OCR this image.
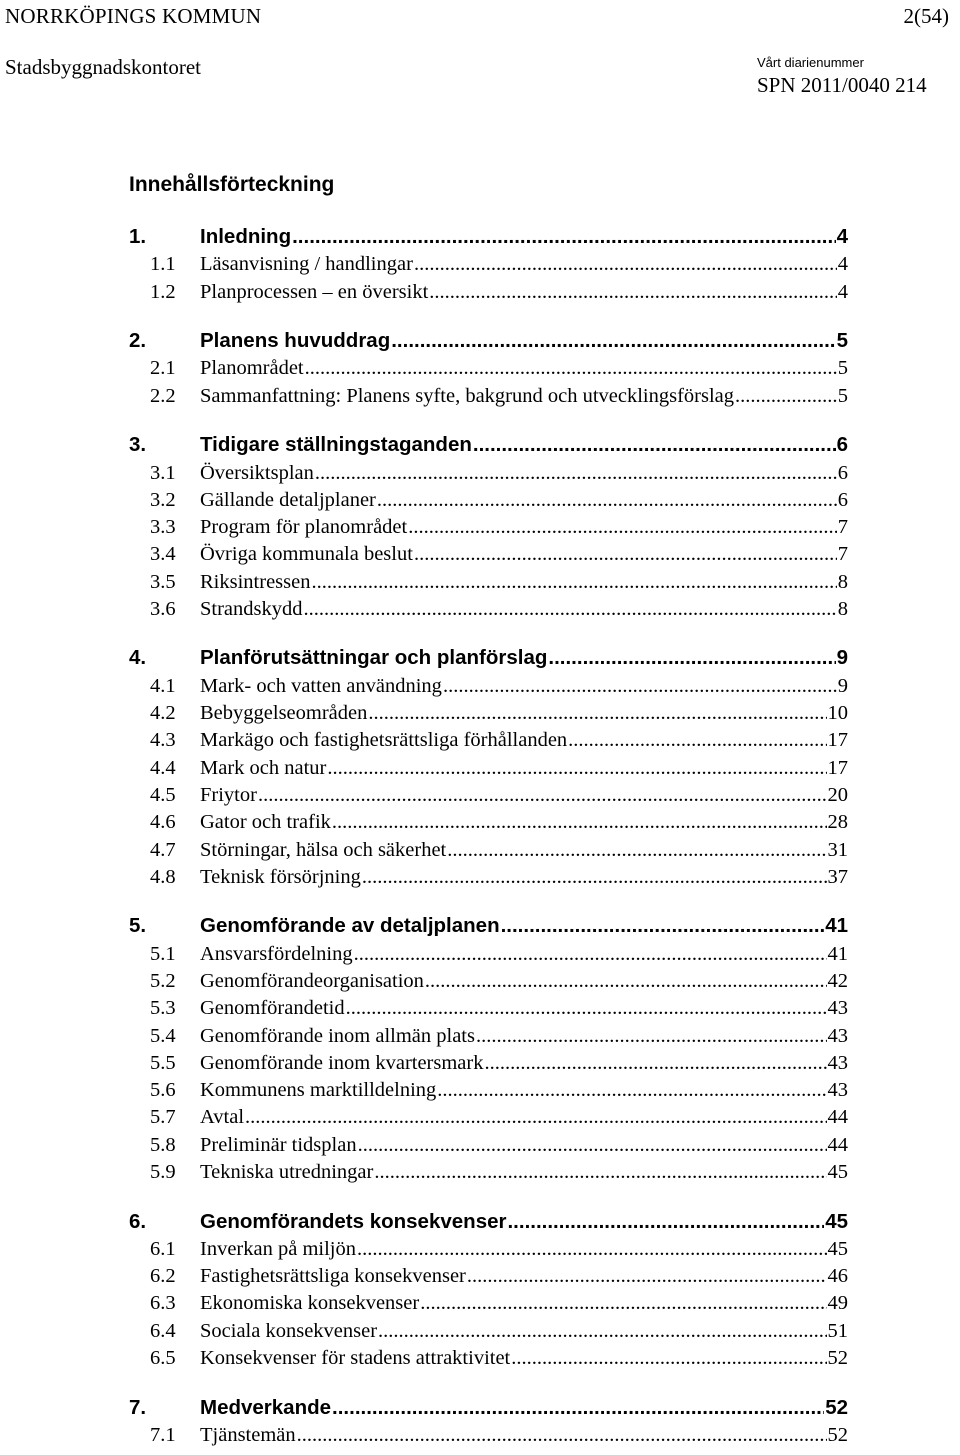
NORRKÖPINGS KOMMUN	2(54)
Stadsbyggnadskontoret	Vårt diarienummer
SPN 2011/0040 214
Innehållsförteckning
1.	Inledning .....	4
1.1	Läsanvisning / handlingar .....	4
1.2	Planprocessen – en översikt .....	4
2.	Planens huvuddrag .....	5
2.1	Planområdet .....	5
2.2	Sammanfattning: Planens syfte, bakgrund och utvecklingsförslag .....	5
3.	Tidigare ställningstaganden .....	6
3.1	Översiktsplan .....	6
3.2	Gällande detaljplaner .....	6
3.3	Program för planområdet .....	7
3.4	Övriga kommunala beslut .....	7
3.5	Riksintressen .....	8
3.6	Strandskydd .....	8
4.	Planförutsättningar och planförslag .....	9
4.1	Mark- och vatten användning .....	9
4.2	Bebyggelseområden .....	10
4.3	Markägo och fastighetsrättsliga förhållanden .....	17
4.4	Mark och natur .....	17
4.5	Friytor .....	20
4.6	Gator och trafik .....	28
4.7	Störningar, hälsa och säkerhet .....	31
4.8	Teknisk försörjning .....	37
5.	Genomförande av detaljplanen .....	41
5.1	Ansvarsfördelning .....	41
5.2	Genomförandeorganisation .....	42
5.3	Genomförandetid .....	43
5.4	Genomförande inom allmän plats .....	43
5.5	Genomförande inom kvartersmark .....	43
5.6	Kommunens marktilldelning .....	43
5.7	Avtal .....	44
5.8	Preliminär tidsplan .....	44
5.9	Tekniska utredningar .....	45
6.	Genomförandets konsekvenser .....	45
6.1	Inverkan på miljön .....	45
6.2	Fastighetsrättsliga konsekvenser .....	46
6.3	Ekonomiska konsekvenser .....	49
6.4	Sociala konsekvenser .....	51
6.5	Konsekvenser för stadens attraktivitet .....	52
7.	Medverkande .....	52
7.1	Tjänstemän .....	52
